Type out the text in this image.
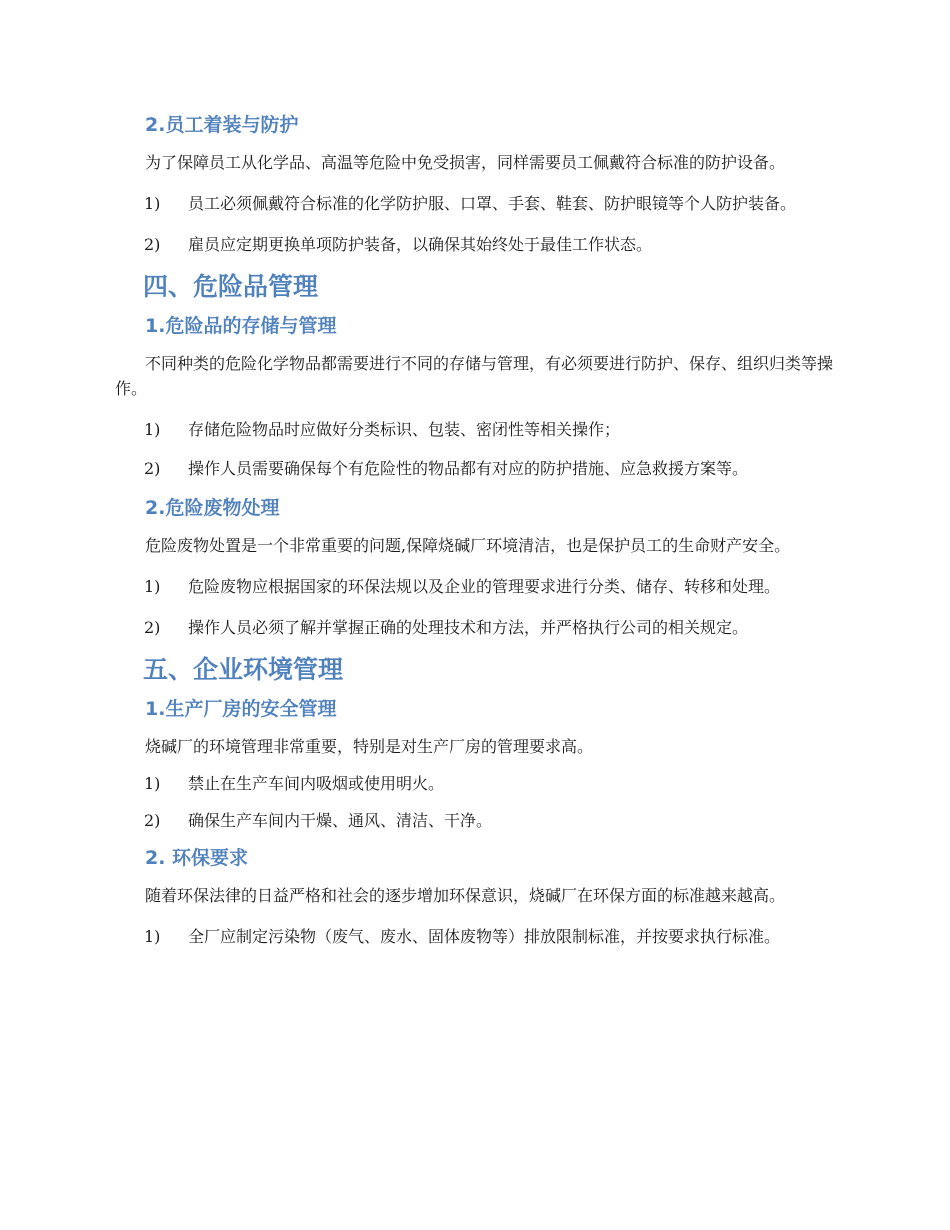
2.员工着装与防护
为了保障员工从化学品、高温等危险中免受损害，同样需要员工佩戴符合标准的防护设备。
1) 员工必须佩戴符合标准的化学防护服、口罩、手套、鞋套、防护眼镜等个人防护装备。
2) 雇员应定期更换单项防护装备，以确保其始终处于最佳工作状态。
四、危险品管理
1.危险品的存储与管理
不同种类的危险化学物品都需要进行不同的存储与管理，有必须要进行防护、保存、组织归类等操作。
1) 存储危险物品时应做好分类标识、包装、密闭性等相关操作；
2) 操作人员需要确保每个有危险性的物品都有对应的防护措施、应急救援方案等。
2.危险废物处理
危险废物处置是一个非常重要的问题,保障烧碱厂环境清洁，也是保护员工的生命财产安全。
1) 危险废物应根据国家的环保法规以及企业的管理要求进行分类、储存、转移和处理。
2) 操作人员必须了解并掌握正确的处理技术和方法，并严格执行公司的相关规定。
五、企业环境管理
1.生产厂房的安全管理
烧碱厂的环境管理非常重要，特别是对生产厂房的管理要求高。
1) 禁止在生产车间内吸烟或使用明火。
2) 确保生产车间内干燥、通风、清洁、干净。
2. 环保要求
随着环保法律的日益严格和社会的逐步增加环保意识，烧碱厂在环保方面的标准越来越高。
1) 全厂应制定污染物（废气、废水、固体废物等）排放限制标准，并按要求执行标准。
